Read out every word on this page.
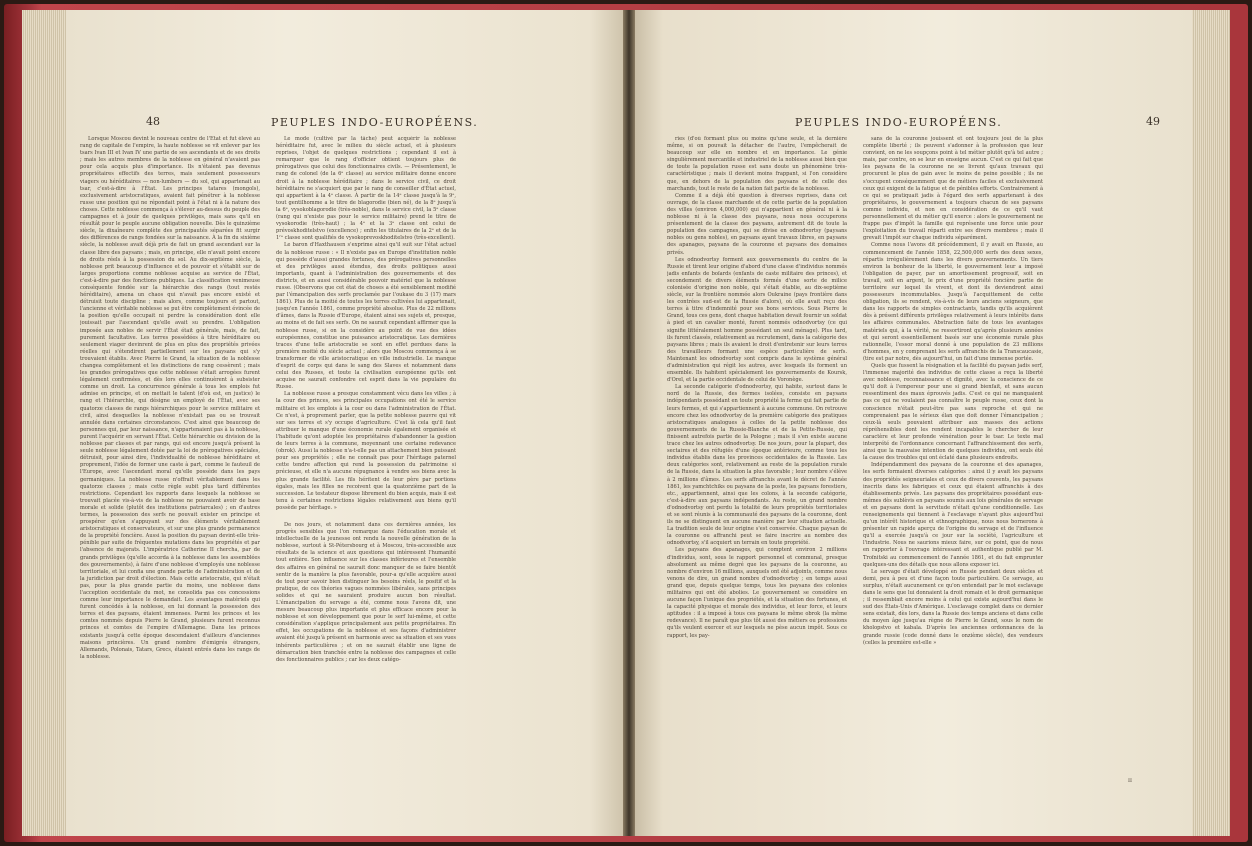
48	PEUPLES INDO-EUROPÉENS.

Lorsque Moscou devint le nouveau centre de l'État et fut élevé au rang de capitale de l'empire, la haute noblesse se vit enlever par les tsars Ivan III et Ivan IV une partie de ses ascendants et de ses droits ; mais les autres membres de la noblesse en général n'avaient pas pour cela acquis plus d'importance. Ils n'étaient pas devenus propriétaires effectifs des terres, mais seulement possesseurs viagers ou héréditaires — non-lumbers — du sol, qui appartenait au tsar, c'est-à-dire à l'État. Les principes tatares (mongols), exclusivement aristocratiques, avaient fait pénétrer à la noblesse russe une position qui ne répondait point à l'état ni à la nature des choses. Cette noblesse commença à s'élever au-dessus du peuple des campagnes et à jouir de quelques privilèges, mais sans qu'il en résultât pour le peuple aucune obligation nouvelle. Dès le quinzième siècle, la dixaîneure complète des principautés séparées fit surgir des différences de rangs fondées sur la naissance. À la fin du sixième siècle, la noblesse avait déjà pris de fait un grand ascendant sur la classe libre des paysans ; mais, en principe, elle n'avait point encore de droits réels à la possession du sol. Au dix-septième siècle, la noblesse prit beaucoup d'influence et de pouvoir et s'établit sur de larges proportions comme noblesse acquise au service de l'État, c'est-à-dire par des fonctions publiques. La classification venimeuse conséquente fondée sur la hiérarchie des rangs (tout restés héréditaire), amena un chaos qui n'avait pas encore existé et détruisit toute discipline ; mais alors, comme toujours et partout, l'ancienne et véritable noblesse se put être complètement évincée de la position qu'elle occupait ni perdre la considération dont elle jouissait par l'ascendant qu'elle avait su prendre. L'obligation imposée aux nobles de servir l'État était générale, mais, de fait, purement facultative. Les terres possédées à titre héréditaire ou seulement viager devinrent de plus en plus des propriétés privées réelles qui s'étendirent partiellement sur les paysans qui s'y trouvaient établis. Avec Pierre le Grand, la situation de la noblesse changea complètement et les distinctions de rang cessèrent ; mais les grandes prérogatives que cette noblesse s'était arrogées furent légalement confirmées, et dès lors elles continuèrent à subsister comme un droit. La concurrence générale à tous les emplois fut admise en principe, et on mettait le talent (d'où est, en justice) le rang et l'hiérarchie, qui désigne un employé de l'État, avec ses quatorze classes de rangs hiérarchiques pour le service militaire et civil, ainsi desquelles la noblesse n'existait pas ou se trouvait annulée dans certaines circonstances. C'est ainsi que beaucoup de personnes qui, par leur naissance, n'appartenaient pas à la noblesse, purent l'acquérir en servant l'État. Cette hiérarchie ou division de la noblesse par classes et par rangs, qui est encore jusqu'à présent la seule noblesse légalement dotée par la loi de prérogatives spéciales, détruisit, pour ainsi dire, l'individualité de noblesse héréditaire et proprement, l'idée de former une caste à part, comme le fauteuil de l'Europe, avec l'ascendant moral qu'elle possède dans les pays germaniques. La noblesse russe n'offrait véritablement dans les quatorze classes ; mais cette règle subit plus tard différentes restrictions. Cependant les rapports dans lesquels la noblesse se trouvait placée vis-à-vis de la noblesse ne pouvaient avoir de base morale et solide (plutôt des institutions patriarcales) ; en d'autres termes, la possession des serfs ne pouvait exister en principe et prospérer qu'en s'appuyant sur des éléments véritablement aristocratiques et conservateurs, et sur une plus grande permanence de la propriété foncière. Aussi la position du paysan devint-elle très-pénible par suite de fréquentes mutations dans les propriétés et par l'absence de majorats. L'impératrice Catherine II chercha, par de grands privilèges (qu'elle accorda à la noblesse dans les assemblées des gouvernements), à faire d'une noblesse d'employés une noblesse territoriale, et lui confia une grande partie de l'administration et de la juridiction par droit d'élection. Mais cette aristocratie, qui n'était pas, pour la plus grande partie du moins, une noblesse dans l'acception occidentale du mot, ne consolida pas ces concessions comme leur importance le demandait. Les avantages matériels qui furent concédés à la noblesse, en lui donnant la possession des terres et des paysans, étaient immenses. Parmi les princes et les comtes nommés depuis Pierre le Grand, plusieurs furent reconnus princes et comtes de l'empire d'Allemagne. Dans les princes existants jusqu'à cette époque descendaient d'ailleurs d'anciennes maisons princières. Un grand nombre d'émigrés étrangers, Allemands, Polonais, Tatars, Grecs, étaient entrés dans les rangs de la noblesse.

Le mode (cultivé par la tâche) peut acquérir la noblesse héréditaire fut, avec le milieu du siècle actuel, et à plusieurs reprises, l'objet de quelques restrictions ; cependant il est à remarquer que le rang d'officier obtient toujours plus de prérogatives que celui des fonctionnaires civils. — Présentement, le rang de colonel (de la 6ᵉ classe) au service militaire donne encore droit à la noblesse héréditaire ; dans le service civil, ce droit héréditaire ne s'acquiert que par le rang de conseiller d'État actuel, qui appartient à la 4ᵉ classe. À partir de la 14ᵉ classe jusqu'à la 9ᵉ, tout gentilhomme a le titre de blagorodie (bien né), de la 8ᵉ jusqu'à la 6ᵉ, vysokoblagorodie (très-noble), dans le service civil, la 5ᵉ classe (rang qui n'existe pas pour le service militaire) prend le titre de vysokorodie (très-haut) ; la 4ᵉ et la 3ᵉ classe ont celui de prévoskhoditelstvo (excellence) ; enfin les titulaires de la 2ᵉ et de la 1ʳᵉ classe sont qualifiés de vysokoprevoskhoditelstvo (très-excellent).

Le baron d'Haxthausen s'exprime ainsi qu'il suit sur l'état actuel de la noblesse russe : « Il n'existe pas en Europe d'institution noble qui possède d'aussi grandes fortunes, des prérogatives personnelles et des privilèges aussi étendus, des droits politiques aussi importants, quant à l'administration des gouvernements et des districts, et en aussi considérable pouvoir matériel que la noblesse russe. (Observons que cet état de choses a été sensiblement modifié par l'émancipation des serfs proclamée par l'oukase du 3 (17) mars 1861). Plus de la moitié de toutes les terres cultivées lui appartenait, jusqu'en l'année 1861, comme propriété absolue. Plus de 22 millions d'âmes, dans la Russie d'Europe, étaient ainsi ses sujets et, presque, au moins et de fait ses serfs. On ne saurait cependant affirmer que la noblesse russe, si on la considère au point de vue des idées européennes, constitue une puissance aristocratique. Les dernières traces d'une telle aristocratie se sont en effet perdues dans la première moitié du siècle actuel ; alors que Moscou commença à se transformer de ville aristocratique en ville industrielle. Le manque d'esprit de corps qui dans le sang des Slaves et notamment dans celui des Russes, et toute la civilisation européenne qu'ils ont acquise ne saurait confondre cet esprit dans la vie populaire du Russe.

La noblesse russe a presque constamment vécu dans les villes ; à la cour des princes, ses principales occupations ont été le service militaire et les emplois à la cour ou dans l'administration de l'État. Ce n'est, à proprement parler, que la petite noblesse pauvre qui vit sur ses terres et s'y occupe d'agriculture. C'est là cela qu'il faut attribuer le manque d'une économie rurale également organisée et l'habitude qu'ont adoptée les propriétaires d'abandonner la gestion de leurs terres à la commune, moyennant une certaine redevance (obrok). Aussi la noblesse n'a-t-elle pas un attachement bien puissant pour ses propriétés ; elle ne connaît pas pour l'héritage paternel cette tendre affection qui rend la possession du patrimoine si précieuse, et elle n'a aucune répugnance à vendre ses biens avec la plus grande facilité. Les fils héritent de leur père par portions égales, mais les filles ne recoivent que la quatorzième part de la succession. Le testateur dispose librement du bien acquis, mais il est tenu à certaines restrictions légales relativement aux biens qu'il possède par héritage. »

De nos jours, et notamment dans ces dernières années, les progrès sensibles que l'on remarque dans l'éducation morale et intellectuelle de la jeunesse ont rendu la nouvelle génération de la noblesse, surtout à St-Pétersbourg et à Moscou, très-accessible aux résultats de la science et aux questions qui intéressent l'humanité tout entière. Son influence sur les classes inférieures et l'ensemble des affaires en général ne saurait donc manquer de se faire bientôt sentir de la manière la plus favorable, pour-a qu'elle acquière aussi de tout pour savoir bien distinguer les besoins réels, le positif et la pratique, de ces théories vagues nommées libérales, sans principes solides et qui ne sauraient produire aucun bon résultat. L'émancipation du servage a été, comme nous l'avons dit, une mesure beaucoup plus importante et plus efficace encore pour la noblesse et son développement que pour le serf lui-même, et cette considération s'applique principalement aux petits propriétaires. En effet, les occupations de la noblesse et ses façons d'administrer avaient été jusqu'à présent en harmonie avec sa situation et ses vues inhérents particulières ; et on ne saurait établir une ligne de démarcation bien tranchée entre la noblesse des campagnes et celle des fonctionnaires publics ; car les deux catégo-

PEUPLES INDO-EUROPÉENS.	49

ries (d'où formant plus ou moins qu'une seule, et la dernière même, si on pouvait la détacher de l'autre, l'empêcherait de beaucoup sur elle en nombre et en importance. Le génie singulièrement mercantile et industriel de la noblesse aussi bien que de toute la population russe est sans doute un phénomène très-caractéristique ; mais il devient moins frappant, si l'on considère que, en dehors de la population des paysans et de celle des marchands, tout le reste de la nation fait partie de la noblesse.

Comme il a déjà été question à diverses reprises, dans cet ouvrage, de la classe marchande et de cette partie de la population des villes (environ 4,000,000) qui n'appartient en général ni à la noblesse ni à la classe des paysans, nous nous occuperons présentement de la classe des paysans, autrement dit de toute la population des campagnes, qui se divise en odnodvortsy (paysans nobles ou gens nobles), en paysans ayant travaux libres, en paysans des apanages, paysans de la couronne et paysans des domaines privés.

Les odnodvortsy forment aux gouvernements du centre de la Russie et tirent leur origine d'abord d'une classe d'individus nommés jadis enfants de boïards (enfants de caste militaire des princes), et secondement de divers éléments formés d'une sorte de milice colonisée d'origine non noble, qui s'était établie, au dix-septième siècle, sur la frontière nommée alors Oukraine (pays frontière dans les contrées sud-est de la Russie d'alors), où elle avait reçu des terres à titre d'indemnité pour ses bons services. Sous Pierre le Grand, tous ces gens, dont chaque habitation devait fournir un soldat à pied et un cavalier monté, furent nommés odnodvortsy (ce qui signifie littéralement homme possédant un seul ménage). Plus tard, ils furent classés, relativement au recrutement, dans la catégorie des paysans libres ; mais ils avaient le droit d'entretenir sur leurs terres des travailleurs formant une espèce particulière de serfs. Maintenant les odnodvortsy sont compris dans le système général d'administration qui régit les autres, avec lesquels ils forment un ensemble. Ils habitent spécialement les gouvernements de Koursk, d'Orel, et la partie occidentale de celui de Voronège.

La seconde catégorie d'odnodvortsy, qui habite, surtout dans le nord de la Russie, des fermes isolées, consiste en paysans indépendants possédant en toute propriété la ferme qui fait partie de leurs fermes, et qui s'appartiennent à aucune commune. On retrouve encore chez les odnodvortsy de la première catégorie des pratiques aristocratiques analogues à celles de la petite noblesse des gouvernements de la Russie-Blanche et de la Petite-Russie, qui finissent autrefois partie de la Pologne ; mais il s'en existe aucune trace chez les autres odnodvortsy. De nos jours, pour la plupart, des sectaires et des réfugiés d'une époque antérieure, comme tous les individus établis dans les provinces occidentales de la Russie. Les deux catégories sont, relativement au reste de la population rurale de la Russie, dans la situation la plus favorable ; leur nombre s'élève à 2 millions d'âmes. Les serfs affranchis avant le décret de l'année 1861, les yamchtchiks ou paysans de la poste, les paysans forestiers, etc., appartiennent, ainsi que les colons, à la seconde catégorie, c'est-à-dire aux paysans indépendants. Au reste, un grand nombre d'odnodvortsy ont perdu la totalité de leurs propriétés territoriales et se sont réunis à la communauté des paysans de la couronne, dont ils ne se distinguent en aucune manière par leur situation actuelle. La tradition seule de leur origine s'est conservée. Chaque paysan de la couronne ou affranchi peut se faire inscrire au nombre des odnodvortsy, s'il acquiert un terrain en toute propriété.

Les paysans des apanages, qui comptent environ 2 millions d'individus, sont, sous le rapport personnel et communal, presque absolument au même degré que les paysans de la couronne, au nombre d'environ 16 millions, auxquels ont été adjoints, comme nous venons de dire, un grand nombre d'odnodvortsy ; en temps aussi grand que, depuis quelque temps, tous les paysans des colonies militaires qui ont été abolies. Le gouvernement se considère en aucune façon l'unique des propriétés, et la situation des fortunes, et la capacité physique et morale des individus, et leur force, et leurs aptitudes : il a imposé à tous ces paysans le même obrok (la même redevance). Il ne paraît que plus tôt aussi des métiers ou professions qu'ils veulent exercer et sur lesquels ne pèse aucun impôt. Sous ce rapport, les pay-

sans de la couronne jouissent et ont toujours joui de la plus complète liberté ; ils peuvent s'adonner à la profession que leur convient, on ne les soupçons point à tel métier plutôt qu'à tel autre ; mais, par contre, on se leur en enseigne aucun. C'est ce qui fait que les paysans de la couronne ne se livrent qu'aux travaux qui procurent le plus de gain avec le moins de peine possible ; ils ne s'occupent conséquemment que de métiers faciles et exclusivement ceux qui exigent de la fatigue et de pénibles efforts. Contrairement à ce qui se pratiquait jadis à l'égard des serfs appartenant à des propriétaires, le gouvernement a toujours chacun de ses paysans comme individu, et non en considération de ce qu'il vaut personnellement et du métier qu'il exerce : alors le gouvernement ne frappe pas d'impôt la famille qui représente une force unie pour l'exploitation du travail réparti entre ses divers membres ; mais il grevait l'impôt sur chaque individu séparément.

Comme nous l'avons dit précédemment, il y avait en Russie, au commencement de l'année 1858, 22,500,000 serfs des deux sexes, répartis irrégulièrement dans les divers gouvernements. Un tiers environ la bonheur de la liberté, le gouvernement leur a imposé l'obligation de payer, par un amortissement progressif, soit en travail, soit en argent, le prix d'une propriété foncière partie de territoire sur lequel ils vivent, et dont ils deviendront ainsi possesseurs incommutables. Jusqu'à l'acquittement de cette obligation, ils se rendent, vis-à-vis de leurs anciens seigneurs, que dans les rapports de simples contractants, tandis qu'ils acquièrent dès à présent différents privilèges relativement à leurs intérêts dans les affaires communales. Abstraction faite de tous les avantages matériels qui, à la vérité, ne ressortiront qu'après plusieurs années et qui seront essentiellement basés sur une économie rurale plus rationnelle, l'essor moral donné à une population de 23 millions d'hommes, en y comprenant les serfs affranchis de la Transcaucasie, (tire est par notre, dès aujourd'hui, un fait d'une immense portée.

Quels que fussent la résignation et la facilité du paysan jadis serf, l'immense majorité des individus de cette classe a reçu la liberté avec noblesse, reconnaissance et dignité, avec la conscience de ce qu'il doit à l'empereur pour une si grand bienfait, et sans aucun ressentiment des maux éprouvés jadis. C'est ce qui ne manquaient pas ce qui ne voulaient pas connaître le peuple russe, ceux dont la conscience n'était peut-être pas sans reproche et qui ne comprenaient pas le sérieux élan que doit donner l'émancipation ; ceux-là seuls pouvaient attribuer aux masses des actions répréhensibles dont les rendent incapables le chercher de leur caractère et leur profonde vénération pour le tsar. Le texte mal interprété de l'ordonnance concernant l'affranchissement des serfs, ainsi que la mauvaise intention de quelques individus, ont seuls été la cause des troubles qui ont éclaté dans plusieurs endroits.

Indépendamment des paysans de la couronne et des apanages, les serfs formaient diverses catégories : ainsi il y avait les paysans des propriétés seigneuriales et ceux de divers couvents, les paysans inscrits dans les fabriques et ceux qui étaient affranchis à des établissements privés. Les paysans des propriétaires possédant eux-mêmes dès sublèvis en paysans soumis aux lois générales de servage et en paysans dont la servitude n'était qu'une conditionnelle. Les renseignements qui tiennent à l'esclavage n'ayant plus aujourd'hui qu'un intérêt historique et ethnographique, nous nous bornerons à présenter un rapide aperçu de l'origine du servage et de l'influence qu'il a exercée jusqu'à ce jour sur la société, l'agriculture et l'industrie. Nous ne saurions mieux faire, sur ce point, que de nous en rapporter à l'ouvrage intéressant et authentique publié par M. Troïnitski au commencement de l'année 1861, et du fait emprunter quelques-uns des détails que nous allons exposer ici.

Le servage d'était développé en Russie pendant deux siècles et demi, peu à peu et d'une façon toute particulière. Ce servage, au surplus, n'était aucunement ce qu'on entendait par le mot esclavage dans le sens que lui donnaient la droit romain et le droit germanique ; il ressemblait encore moins à celui qui existe aujourd'hui dans le sud des États-Unis d'Amérique. L'esclavage complet dans ce dernier sens existait, dès lors, dans la Russie des temps anciens et dans celle du moyen âge jusqu'au règne de Pierre le Grand, sous le nom de kholopstvo et kabala. D'après les anciennes ordonnances de la grande russie (code donné dans le onzième siècle), des vendeurs (celles la première est-elle »

II
